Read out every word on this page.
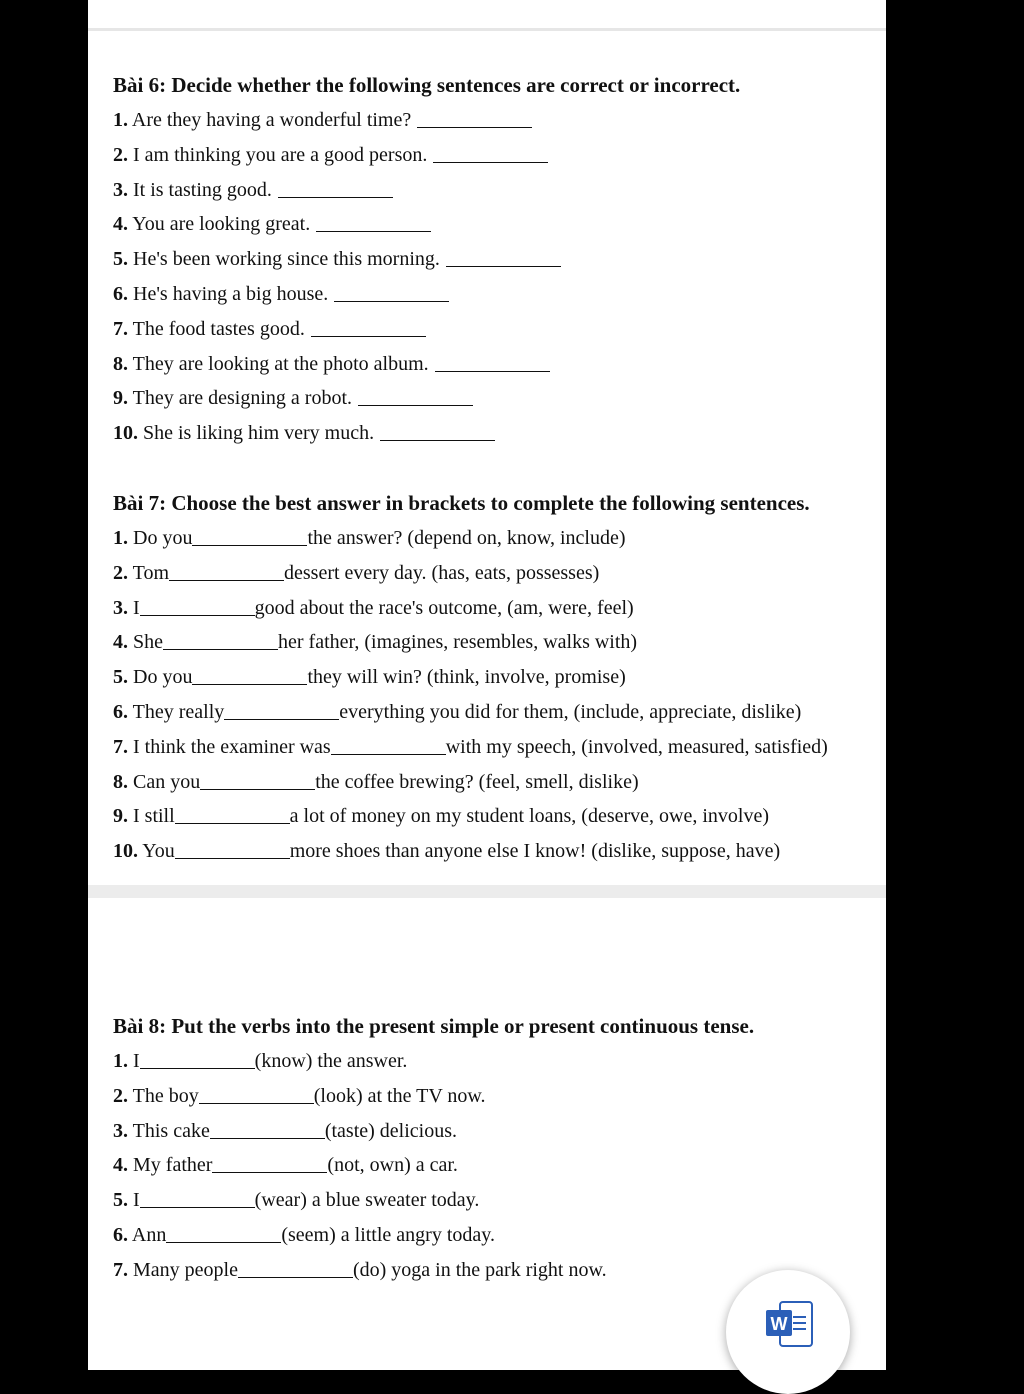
Bài 6: Decide whether the following sentences are correct or incorrect.
1. Are they having a wonderful time?
2. I am thinking you are a good person.
3. It is tasting good.
4. You are looking great.
5. He's been working since this morning.
6. He's having a big house.
7. The food tastes good.
8. They are looking at the photo album.
9. They are designing a robot.
10. She is liking him very much.
Bài 7: Choose the best answer in brackets to complete the following sentences.
1. Do you	the answer? (depend on, know, include)
2. Tom	dessert every day. (has, eats, possesses)
3. I	good about the race's outcome, (am, were, feel)
4. She	her father, (imagines, resembles, walks with)
5. Do you	they will win? (think, involve, promise)
6. They really	everything you did for them, (include, appreciate, dislike)
7. I think the examiner was	with my speech, (involved, measured, satisfied)
8. Can you	the coffee brewing? (feel, smell, dislike)
9. I still	a lot of money on my student loans, (deserve, owe, involve)
10. You	more shoes than anyone else I know! (dislike, suppose, have)
Bài 8: Put the verbs into the present simple or present continuous tense.
1. I	(know) the answer.
2. The boy	(look) at the TV now.
3. This cake	(taste) delicious.
4. My father	(not, own) a car.
5. I	(wear) a blue sweater today.
6. Ann	(seem) a little angry today.
7. Many people	(do) yoga in the park right now.
W
